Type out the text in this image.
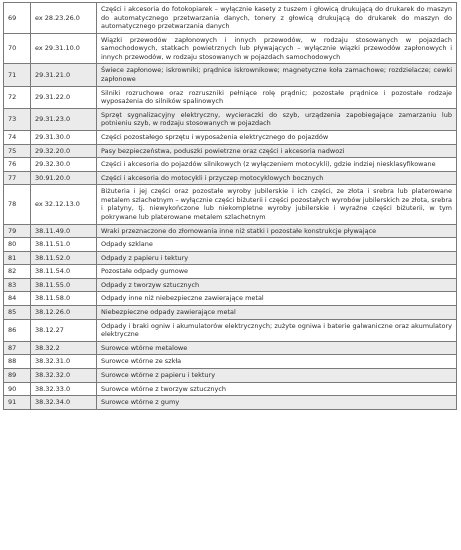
69	ex 28.23.26.0	Części i akcesoria do fotokopiarek – wyłącznie kasety z tuszem i głowicą drukującą do drukarek do maszyn do automatycznego przetwarzania danych, tonery z głowicą drukującą do drukarek do maszyn do automatycznego przetwarzania danych
70	ex 29.31.10.0	Wiązki przewodów zapłonowych i innych przewodów, w rodzaju stosowanych w pojazdach samochodowych, statkach powietrznych lub pływających – wyłącznie wiązki przewodów zapłonowych i innych przewodów, w rodzaju stosowanych w pojazdach samochodowych
71	29.31.21.0	Świece zapłonowe; iskrowniki; prądnice iskrownikowe; magnetyczne koła zamachowe; rozdzielacze; cewki zapłonowe
72	29.31.22.0	Silniki rozruchowe oraz rozruszniki pełniące rolę prądnic; pozostałe prądnice i pozostałe rodzaje wyposażenia do silników spalinowych
73	29.31.23.0	Sprzęt sygnalizacyjny elektryczny, wycieraczki do szyb, urządzenia zapobiegające zamarzaniu lub potnieniu szyb, w rodzaju stosowanych w pojazdach
74	29.31.30.0	Części pozostałego sprzętu i wyposażenia elektrycznego do pojazdów
75	29.32.20.0	Pasy bezpieczeństwa, poduszki powietrzne oraz części i akcesoria nadwozi
76	29.32.30.0	Części i akcesoria do pojazdów silnikowych (z wyłączeniem motocykli), gdzie indziej niesklasyfikowane
77	30.91.20.0	Części i akcesoria do motocykli i przyczep motocyklowych bocznych
78	ex 32.12.13.0	Biżuteria i jej części oraz pozostałe wyroby jubilerskie i ich części, ze złota i srebra lub platerowane metalem szlachetnym – wyłącznie części biżuterii i części pozostałych wyrobów jubilerskich ze złota, srebra i platyny, tj. niewykończone lub niekompletne wyroby jubilerskie i wyraźne części biżuterii, w tym pokrywane lub platerowane metalem szlachetnym
79	38.11.49.0	Wraki przeznaczone do złomowania inne niż statki i pozostałe konstrukcje pływające
80	38.11.51.0	Odpady szklane
81	38.11.52.0	Odpady z papieru i tektury
82	38.11.54.0	Pozostałe odpady gumowe
83	38.11.55.0	Odpady z tworzyw sztucznych
84	38.11.58.0	Odpady inne niż niebezpieczne zawierające metal
85	38.12.26.0	Niebezpieczne odpady zawierające metal
86	38.12.27	Odpady i braki ogniw i akumulatorów elektrycznych; zużyte ogniwa i baterie galwaniczne oraz akumulatory elektryczne
87	38.32.2	Surowce wtórne metalowe
88	38.32.31.0	Surowce wtórne ze szkła
89	38.32.32.0	Surowce wtórne z papieru i tektury
90	38.32.33.0	Surowce wtórne z tworzyw sztucznych
91	38.32.34.0	Surowce wtórne z gumy
